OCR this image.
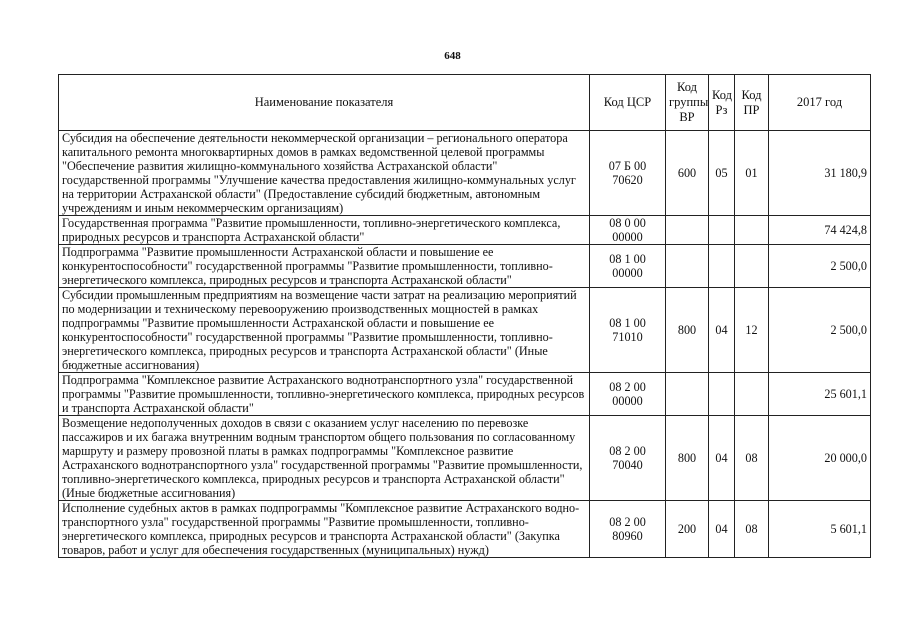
648
Наименование показателя	Код ЦСР	Код группы ВР	Код Рз	Код ПР	2017 год
Субсидия на обеспечение деятельности некоммерческой организации – регионального оператора капитального ремонта многоквартирных домов в рамках ведомственной целевой программы "Обеспечение развития жилищно-коммунального хозяйства Астраханской области" государственной программы "Улучшение качества предоставления жилищно-коммунальных услуг на территории Астраханской области" (Предоставление субсидий бюджетным, автономным учреждениям и иным некоммерческим организациям)	07 Б 00 70620	600	05	01	31 180,9
Государственная программа "Развитие промышленности, топливно-энергетического комплекса, природных ресурсов и транспорта Астраханской области"	08 0 00 00000				74 424,8
Подпрограмма "Развитие промышленности Астраханской области и повышение ее конкурентоспособности" государственной программы "Развитие промышленности, топливно-энергетического комплекса, природных ресурсов и транспорта Астраханской области"	08 1 00 00000				2 500,0
Субсидии промышленным предприятиям на возмещение части затрат на реализацию мероприятий по модернизации и техническому перевооружению производственных мощностей в рамках подпрограммы "Развитие промышленности Астраханской области и повышение ее конкурентоспособности" государственной программы "Развитие промышленности, топливно-энергетического комплекса, природных ресурсов и транспорта Астраханской области" (Иные бюджетные ассигнования)	08 1 00 71010	800	04	12	2 500,0
Подпрограмма "Комплексное развитие Астраханского воднотранспортного узла" государственной программы "Развитие промышленности, топливно-энергетического комплекса, природных ресурсов и транспорта Астраханской области"	08 2 00 00000				25 601,1
Возмещение недополученных доходов в связи с оказанием услуг населению по перевозке пассажиров и их багажа внутренним водным транспортом общего пользования по согласованному маршруту и размеру провозной платы в рамках подпрограммы "Комплексное развитие Астраханского воднотранспортного узла" государственной программы "Развитие промышленности, топливно-энергетического комплекса, природных ресурсов и транспорта Астраханской области" (Иные бюджетные ассигнования)	08 2 00 70040	800	04	08	20 000,0
Исполнение судебных актов в рамках подпрограммы "Комплексное развитие Астраханского воднотранспортного узла" государственной программы "Развитие промышленности, топливно-энергетического комплекса, природных ресурсов и транспорта Астраханской области" (Закупка товаров, работ и услуг для обеспечения государственных (муниципальных) нужд)	08 2 00 80960	200	04	08	5 601,1
